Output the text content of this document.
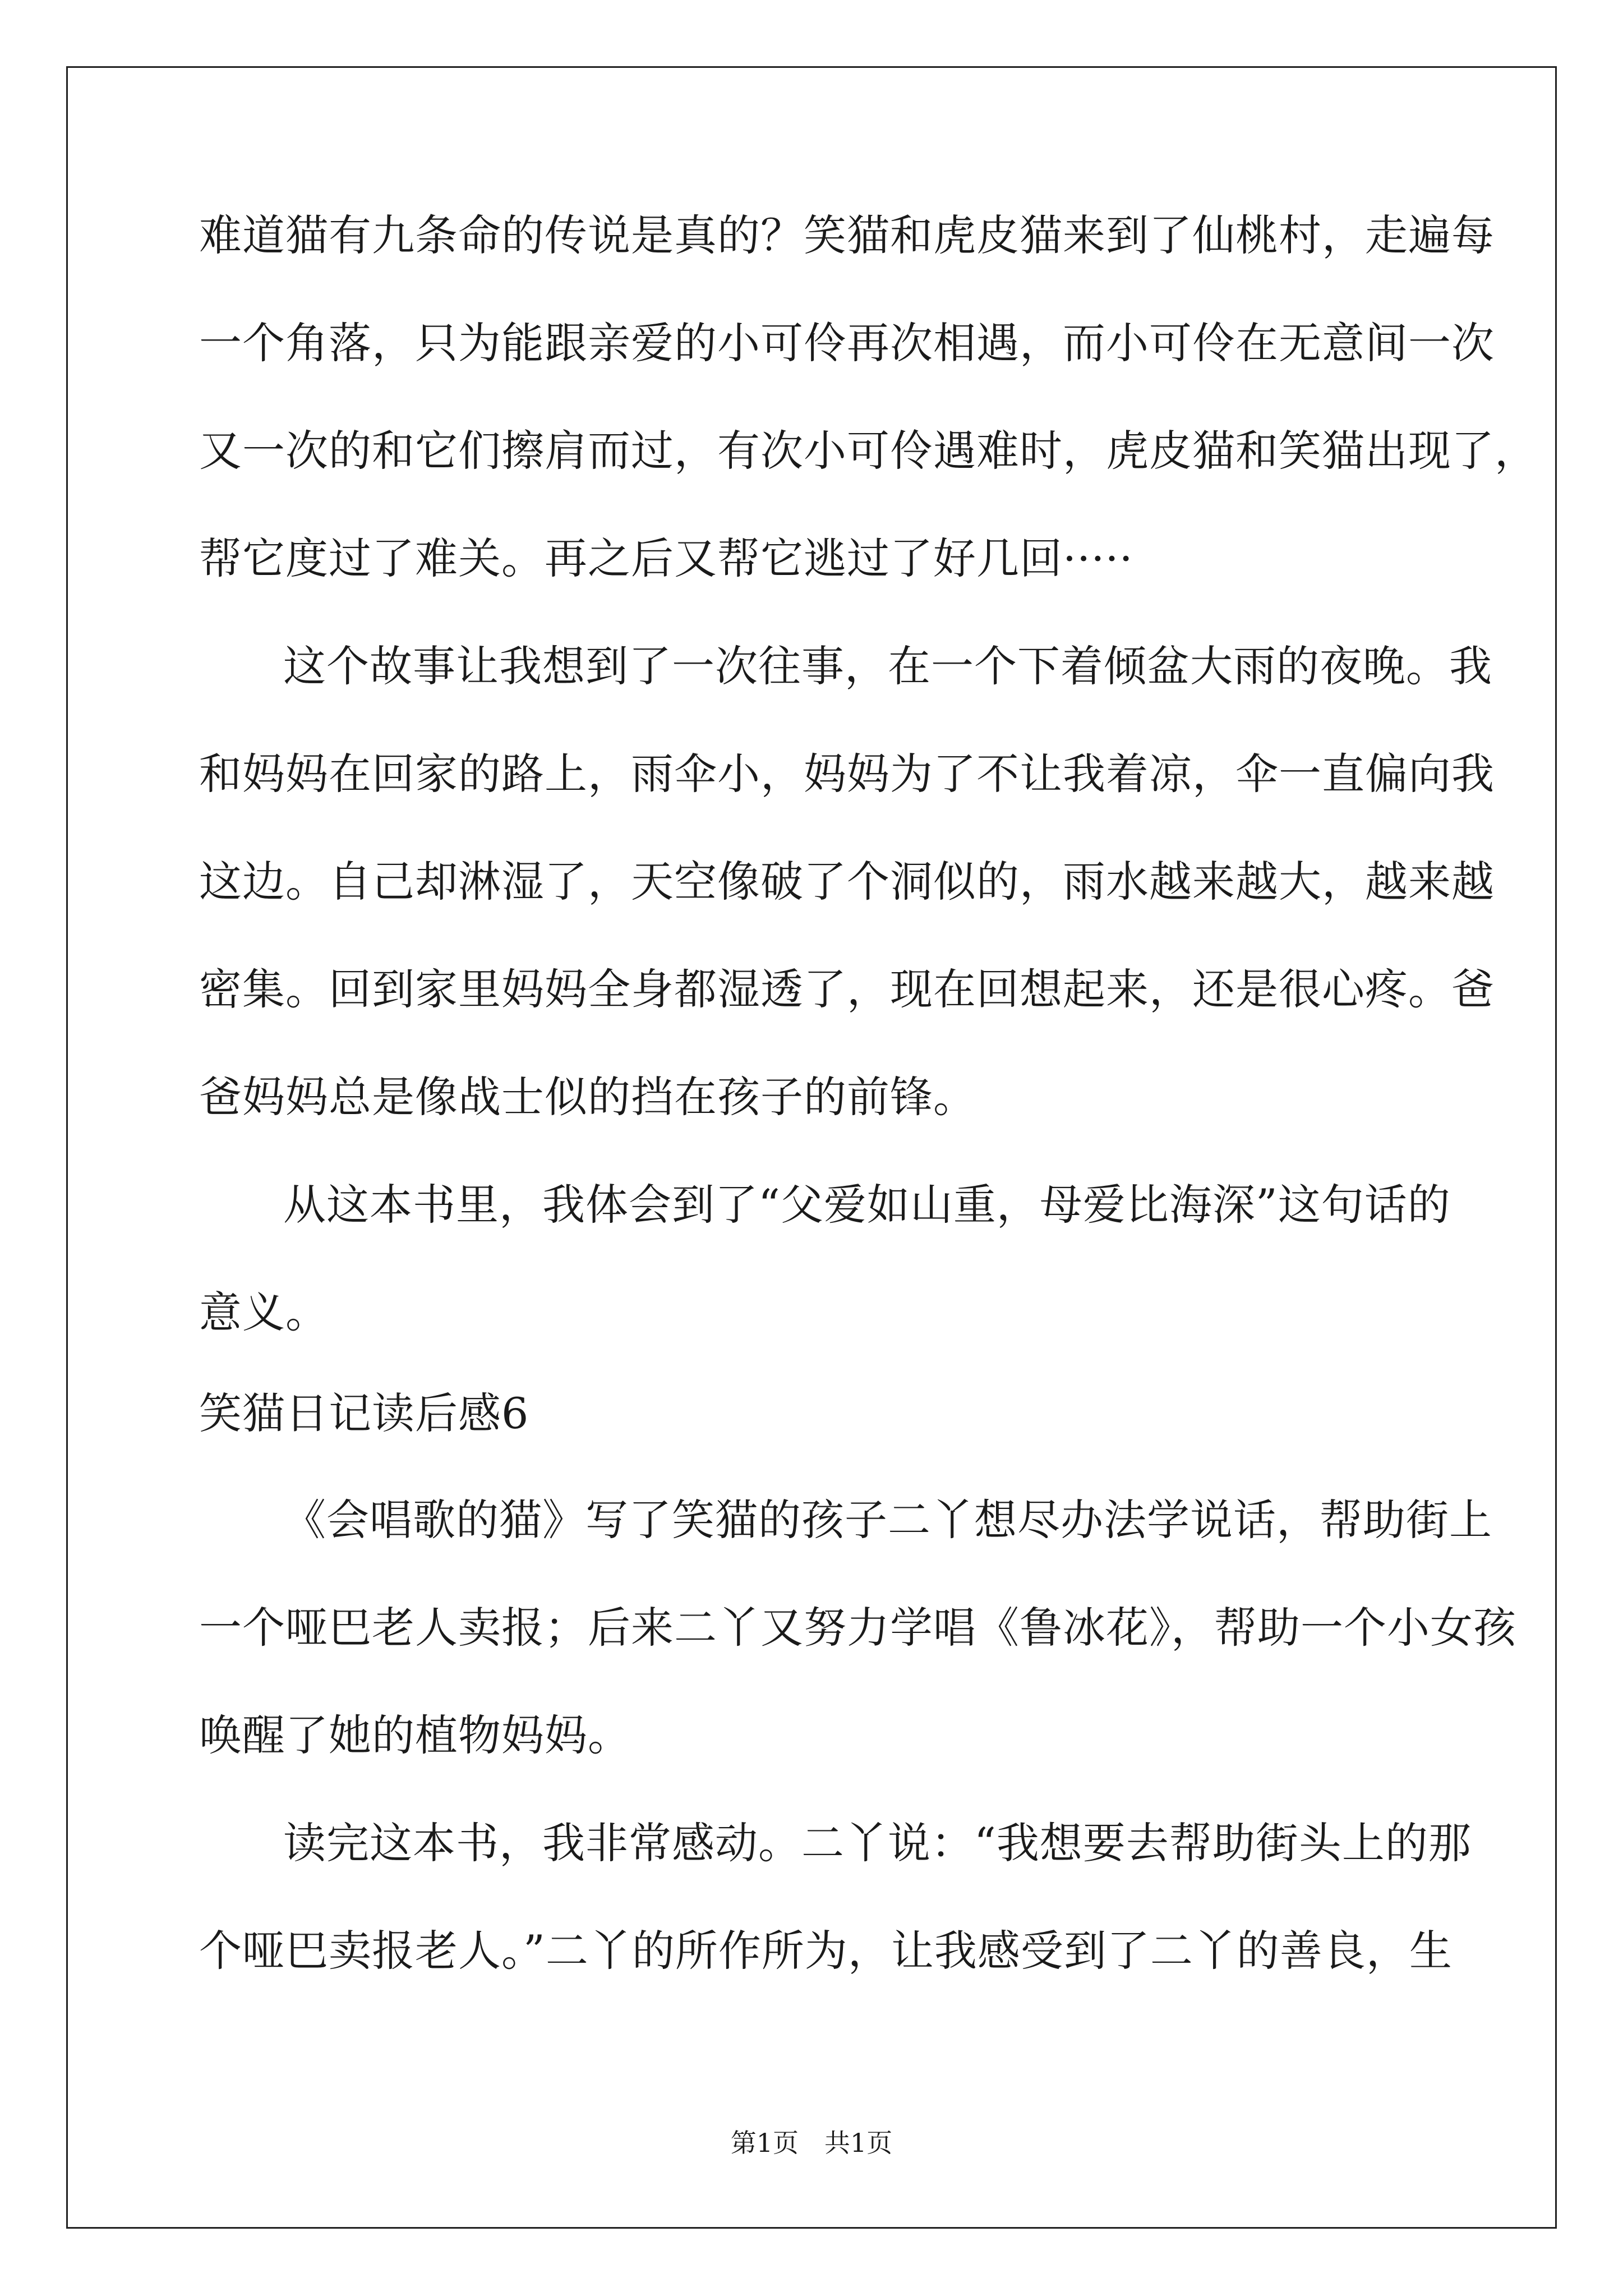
难道猫有九条命的传说是真的？笑猫和虎皮猫来到了仙桃村，走遍每
一个角落，只为能跟亲爱的小可伶再次相遇，而小可伶在无意间一次
又一次的和它们擦肩而过，有次小可伶遇难时，虎皮猫和笑猫出现了，
帮它度过了难关。再之后又帮它逃过了好几回·····
这个故事让我想到了一次往事，在一个下着倾盆大雨的夜晚。我
和妈妈在回家的路上，雨伞小，妈妈为了不让我着凉，伞一直偏向我
这边。自己却淋湿了，天空像破了个洞似的，雨水越来越大，越来越
密集。回到家里妈妈全身都湿透了，现在回想起来，还是很心疼。爸
爸妈妈总是像战士似的挡在孩子的前锋。
从这本书里，我体会到了“父爱如山重，母爱比海深”这句话的
意义。
笑猫日记读后感6
《会唱歌的猫》写了笑猫的孩子二丫想尽办法学说话，帮助街上
一个哑巴老人卖报；后来二丫又努力学唱《鲁冰花》，帮助一个小女孩
唤醒了她的植物妈妈。
读完这本书，我非常感动。二丫说：“我想要去帮助街头上的那
个哑巴卖报老人。”二丫的所作所为，让我感受到了二丫的善良，生
第1页　共1页
